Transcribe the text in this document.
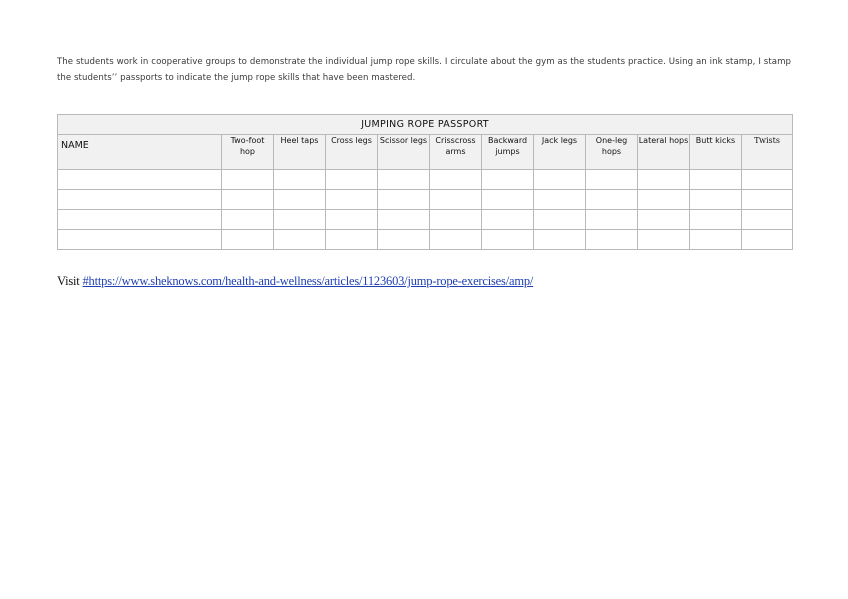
The students work in cooperative groups to demonstrate the individual jump rope skills. I circulate about the gym as the students practice. Using an ink stamp, I stamp the students’’ passports to indicate the jump rope skills that have been mastered.

JUMPING ROPE PASSPORT											
NAME	Two-foot hop	Heel taps	Cross legs	Scissor legs	Crisscross arms	Backward jumps	Jack legs	One-leg hops	Lateral hops	Butt kicks	Twists

Visit #https://www.sheknows.com/health-and-wellness/articles/1123603/jump-rope-exercises/amp/
